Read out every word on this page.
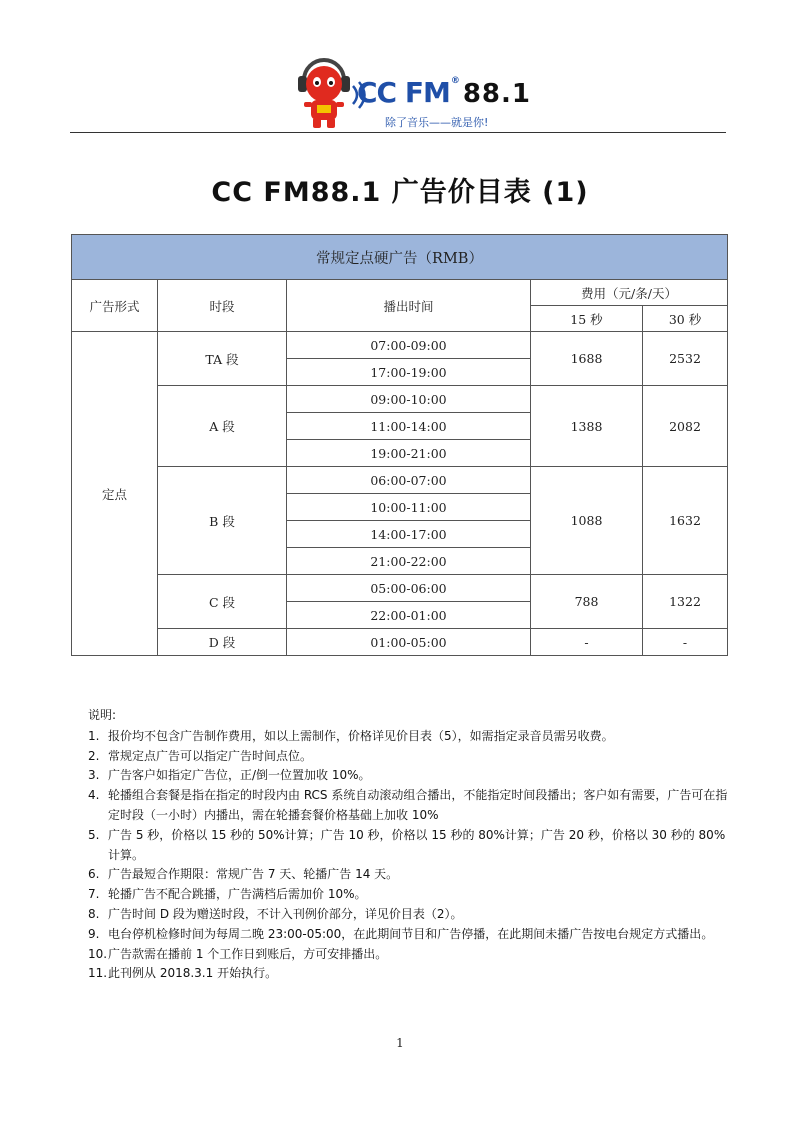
CC FM® 88.1
除了音乐——就是你!
CC FM88.1 广告价目表 (1)
常规定点硬广告（RMB）				
广告形式	时段	播出时间	费用（元/条/天）	
			15 秒	30 秒
定点	TA 段	07:00-09:00	1688	2532
		17:00-19:00		
	A 段	09:00-10:00	1388	2082
		11:00-14:00		
		19:00-21:00		
	B 段	06:00-07:00	1088	1632
		10:00-11:00		
		14:00-17:00		
		21:00-22:00		
	C 段	05:00-06:00	788	1322
		22:00-01:00		
	D 段	01:00-05:00	-	-
说明:
1. 报价均不包含广告制作费用，如以上需制作，价格详见价目表（5），如需指定录音员需另收费。
2. 常规定点广告可以指定广告时间点位。
3. 广告客户如指定广告位，正/倒一位置加收 10%。
4. 轮播组合套餐是指在指定的时段内由 RCS 系统自动滚动组合播出，不能指定时间段播出；客户如有需要，广告可在指定时段（一小时）内播出，需在轮播套餐价格基础上加收 10%
5. 广告 5 秒，价格以 15 秒的 50%计算；广告 10 秒，价格以 15 秒的 80%计算；广告 20 秒，价格以 30 秒的 80%计算。
6. 广告最短合作期限：常规广告 7 天、轮播广告 14 天。
7. 轮播广告不配合跳播，广告满档后需加价 10%。
8. 广告时间 D 段为赠送时段，不计入刊例价部分，详见价目表（2）。
9. 电台停机检修时间为每周二晚 23:00-05:00，在此期间节目和广告停播，在此期间未播广告按电台规定方式播出。
10. 广告款需在播前 1 个工作日到账后，方可安排播出。
11. 此刊例从 2018.3.1 开始执行。
1
